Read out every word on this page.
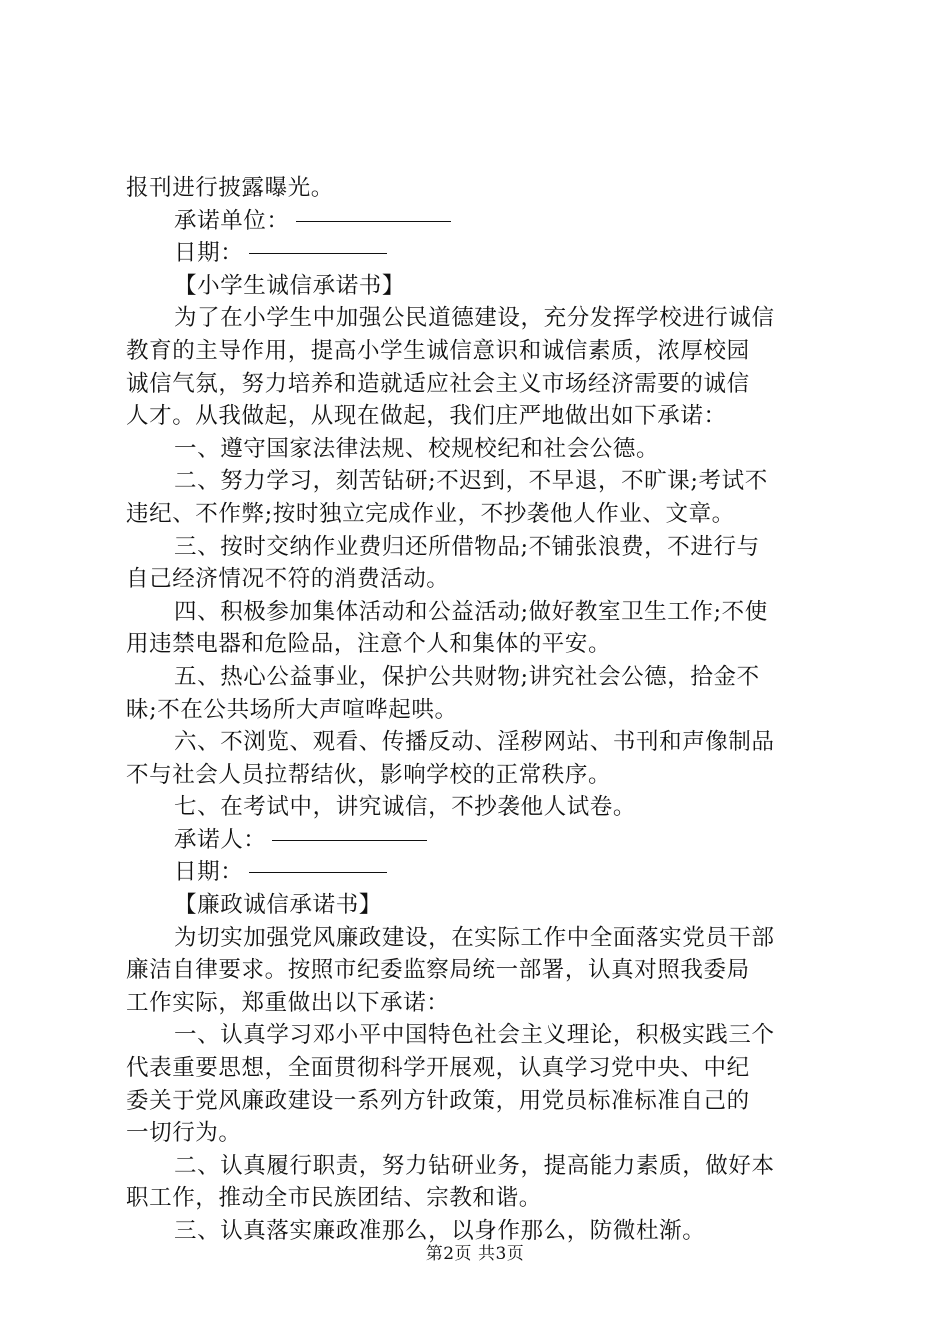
报刊进行披露曝光。
承诺单位：
日期：
【小学生诚信承诺书】
为了在小学生中加强公民道德建设，充分发挥学校进行诚信
教育的主导作用，提高小学生诚信意识和诚信素质，浓厚校园
诚信气氛，努力培养和造就适应社会主义市场经济需要的诚信
人才。从我做起，从现在做起，我们庄严地做出如下承诺：
一、遵守国家法律法规、校规校纪和社会公德。
二、努力学习，刻苦钻研;不迟到，不早退，不旷课;考试不
违纪、不作弊;按时独立完成作业，不抄袭他人作业、文章。
三、按时交纳作业费归还所借物品;不铺张浪费，不进行与
自己经济情况不符的消费活动。
四、积极参加集体活动和公益活动;做好教室卫生工作;不使
用违禁电器和危险品，注意个人和集体的平安。
五、热心公益事业，保护公共财物;讲究社会公德，拾金不
昧;不在公共场所大声喧哗起哄。
六、不浏览、观看、传播反动、淫秽网站、书刊和声像制品
不与社会人员拉帮结伙，影响学校的正常秩序。
七、在考试中，讲究诚信，不抄袭他人试卷。
承诺人：
日期：
【廉政诚信承诺书】
为切实加强党风廉政建设，在实际工作中全面落实党员干部
廉洁自律要求。按照市纪委监察局统一部署，认真对照我委局
工作实际，郑重做出以下承诺：
一、认真学习邓小平中国特色社会主义理论，积极实践三个
代表重要思想，全面贯彻科学开展观，认真学习党中央、中纪
委关于党风廉政建设一系列方针政策，用党员标准标准自己的
一切行为。
二、认真履行职责，努力钻研业务，提高能力素质，做好本
职工作，推动全市民族团结、宗教和谐。
三、认真落实廉政准那么，以身作那么，防微杜渐。
第2页 共3页
